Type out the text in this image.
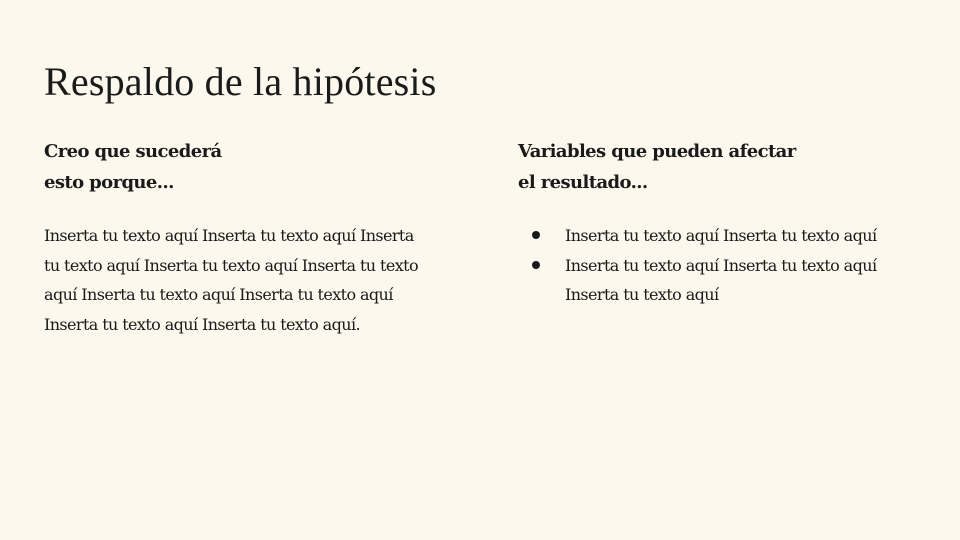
Respaldo de la hipótesis
Creo que sucederá
esto porque...

Inserta tu texto aquí Inserta tu texto aquí Inserta tu texto aquí Inserta tu texto aquí Inserta tu texto aquí Inserta tu texto aquí Inserta tu texto aquí Inserta tu texto aquí Inserta tu texto aquí.

Variables que pueden afectar
el resultado...
Inserta tu texto aquí Inserta tu texto aquí
Inserta tu texto aquí Inserta tu texto aquí Inserta tu texto aquí
